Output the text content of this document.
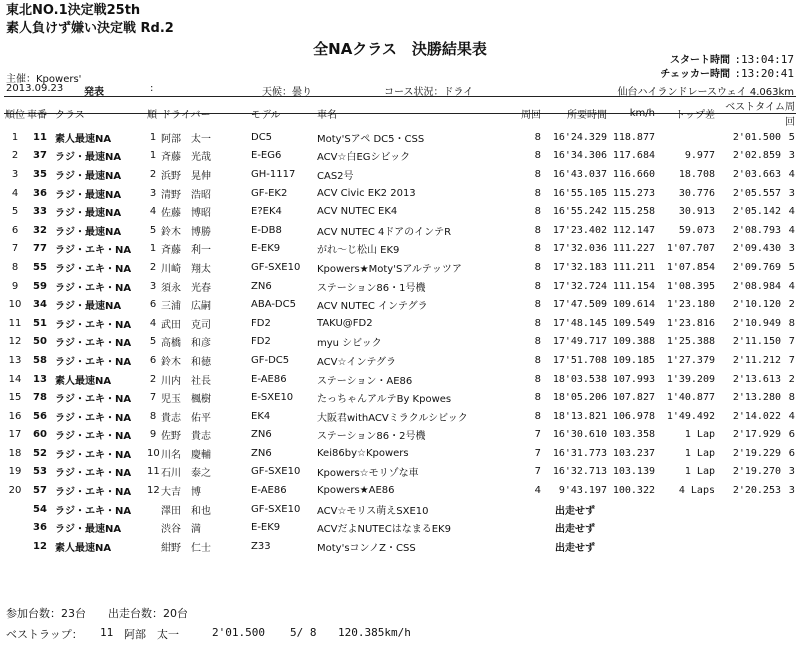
東北NO.1決定戦25th
素人負けず嫌い決定戦 Rd.2
全NAクラス　決勝結果表
スタート時間 :13:04:17
チェッカー時間 :13:20:41
主催：Kpowers'
2013.09.23 発表	:	天候：曇り	コース状況：ドライ	仙台ハイランドレースウェイ 4.063km
順位	車番	クラス	順	ドライバー	モデル	車名	周回	所要時間	km/h	トップ差	ベストタイム周回	
1	11	素人最速NA	1	阿部　太一	DC5	Moty'Sアペ DC5・CSS	8	16'24.329	118.877		2'01.500	5
2	37	ラジ・最速NA	1	斉藤　光哉	E-EG6	ACV☆白EGシビック	8	16'34.306	117.684	9.977	2'02.859	3
3	35	ラジ・最速NA	2	浜野　晃伸	GH-1117	CAS2号	8	16'43.037	116.660	18.708	2'03.663	4
4	36	ラジ・最速NA	3	清野　浩昭	GF-EK2	ACV Civic EK2 2013	8	16'55.105	115.273	30.776	2'05.557	3
5	33	ラジ・最速NA	4	佐藤　博昭	E?EK4	ACV NUTEC EK4	8	16'55.242	115.258	30.913	2'05.142	4
6	32	ラジ・最速NA	5	鈴木　博勝	E-DB8	ACV NUTEC 4ドアのインテR	8	17'23.402	112.147	59.073	2'08.793	4
7	77	ラジ・エキ・NA	1	斉藤　利一	E-EK9	がれ～じ松山 EK9	8	17'32.036	111.227	1'07.707	2'09.430	3
8	55	ラジ・エキ・NA	2	川崎　翔太	GF-SXE10	Kpowers★Moty'Sアルテッツア	8	17'32.183	111.211	1'07.854	2'09.769	5
9	59	ラジ・エキ・NA	3	須永　光春	ZN6	ステーション86・1号機	8	17'32.724	111.154	1'08.395	2'08.984	4
10	34	ラジ・最速NA	6	三浦　広嗣	ABA-DC5	ACV NUTEC インテグラ	8	17'47.509	109.614	1'23.180	2'10.120	2
11	51	ラジ・エキ・NA	4	武田　克司	FD2	TAKU@FD2	8	17'48.145	109.549	1'23.816	2'10.949	8
12	50	ラジ・エキ・NA	5	高橋　和彦	FD2	myu シビック	8	17'49.717	109.388	1'25.388	2'11.150	7
13	58	ラジ・エキ・NA	6	鈴木　和徳	GF-DC5	ACV☆インテグラ	8	17'51.708	109.185	1'27.379	2'11.212	7
14	13	素人最速NA	2	川内　社長	E-AE86	ステーション・AE86	8	18'03.538	107.993	1'39.209	2'13.613	2
15	78	ラジ・エキ・NA	7	児玉　楓樹	E-SXE10	たっちゃんアルテBy Kpowes	8	18'05.206	107.827	1'40.877	2'13.280	8
16	56	ラジ・エキ・NA	8	貴志　佑平	EK4	大阪君withACVミラクルシビック	8	18'13.821	106.978	1'49.492	2'14.022	4
17	60	ラジ・エキ・NA	9	佐野　貴志	ZN6	ステーション86・2号機	7	16'30.610	103.358	1 Lap	2'17.929	6
18	52	ラジ・エキ・NA	10	川名　慶輔	ZN6	Kei86by☆Kpowers	7	16'31.773	103.237	1 Lap	2'19.229	6
19	53	ラジ・エキ・NA	11	石川　泰之	GF-SXE10	Kpowers☆モリゾな車	7	16'32.713	103.139	1 Lap	2'19.270	3
20	57	ラジ・エキ・NA	12	大吉　博	E-AE86	Kpowers★AE86	4	9'43.197	100.322	4 Laps	2'20.253	3
	54	ラジ・エキ・NA		澤田　和也	GF-SXE10	ACV☆モリス萌えSXE10		出走せず				
	36	ラジ・最速NA		渋谷　満	E-EK9	ACVだよNUTECはなまるEK9		出走せず				
	12	素人最速NA		紺野　仁士	Z33	Moty'sコンノZ・CSS		出走せず				
参加台数：23台　　出走台数：20台
ベストラップ： 11 阿部　太一	2'01.500 5/ 8 120.385km/h
